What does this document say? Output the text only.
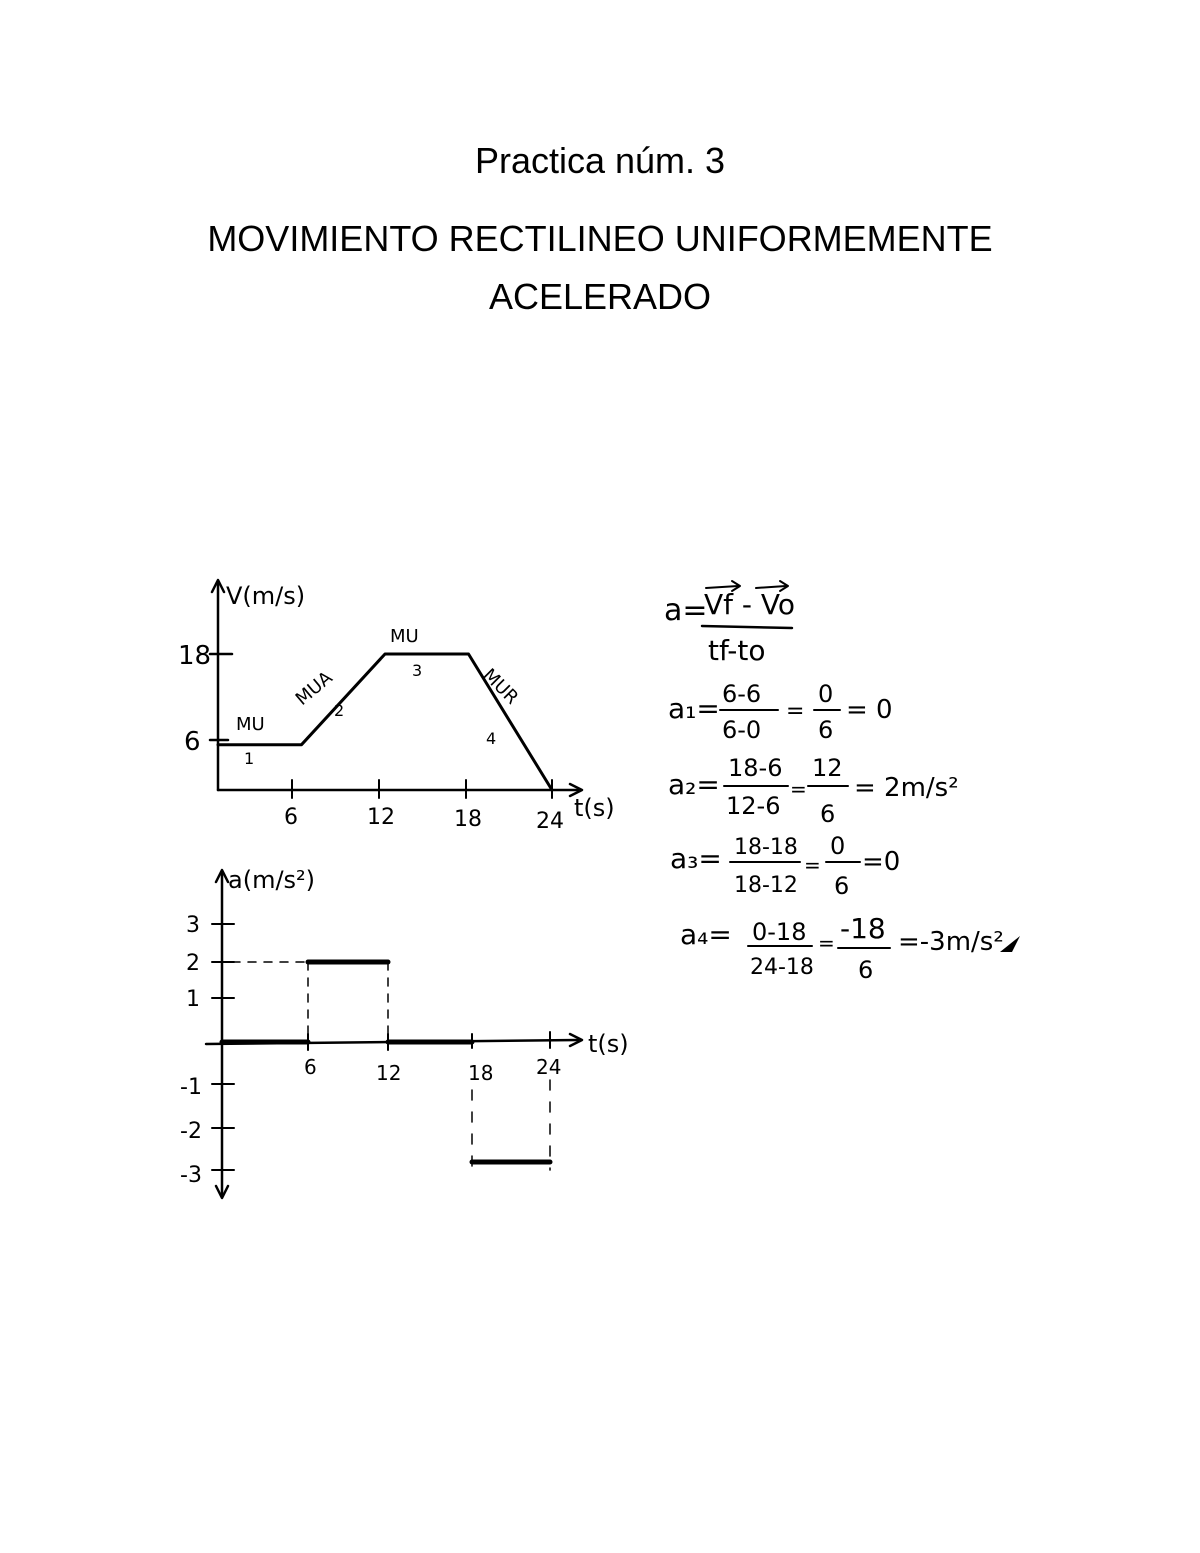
Practica núm. 3
MOVIMIENTO RECTILINEO UNIFORMEMENTE
ACELERADO
18
6
6	12	18 24
V(m/s)
t(s)
MU
1
MUA
2
MU
3	MUR
4
3
2
1
-1
-2
-3
6	12	18 24
a(m/s²)
t(s)
a=
Vf - Vo
tf-to
a₁= 6-6
6-0
=
0
6
= 0
a₂= 18-6
12-6
=
12
6
= 2m/s²
a₃= 18-18
18-12
=
0
6
=0
a₄= 0-18
24-18
= -18
6
=-3m/s²
